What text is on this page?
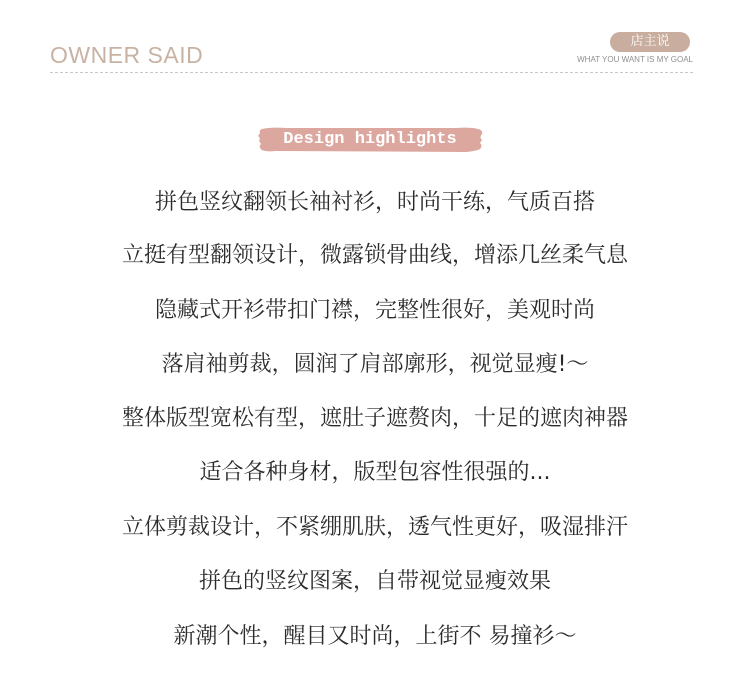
OWNER SAID
店主说
WHAT YOU WANT IS MY GOAL
Design highlights
拼色竖纹翻领长袖衬衫，时尚干练，气质百搭
立挺有型翻领设计，微露锁骨曲线，增添几丝柔气息
隐藏式开衫带扣门襟，完整性很好，美观时尚
落肩袖剪裁，圆润了肩部廓形，视觉显瘦!～
整体版型宽松有型，遮肚子遮赘肉，十足的遮肉神器
适合各种身材，版型包容性很强的...
立体剪裁设计，不紧绷肌肤，透气性更好，吸湿排汗
拼色的竖纹图案，自带视觉显瘦效果
新潮个性，醒目又时尚，上街不 易撞衫～
